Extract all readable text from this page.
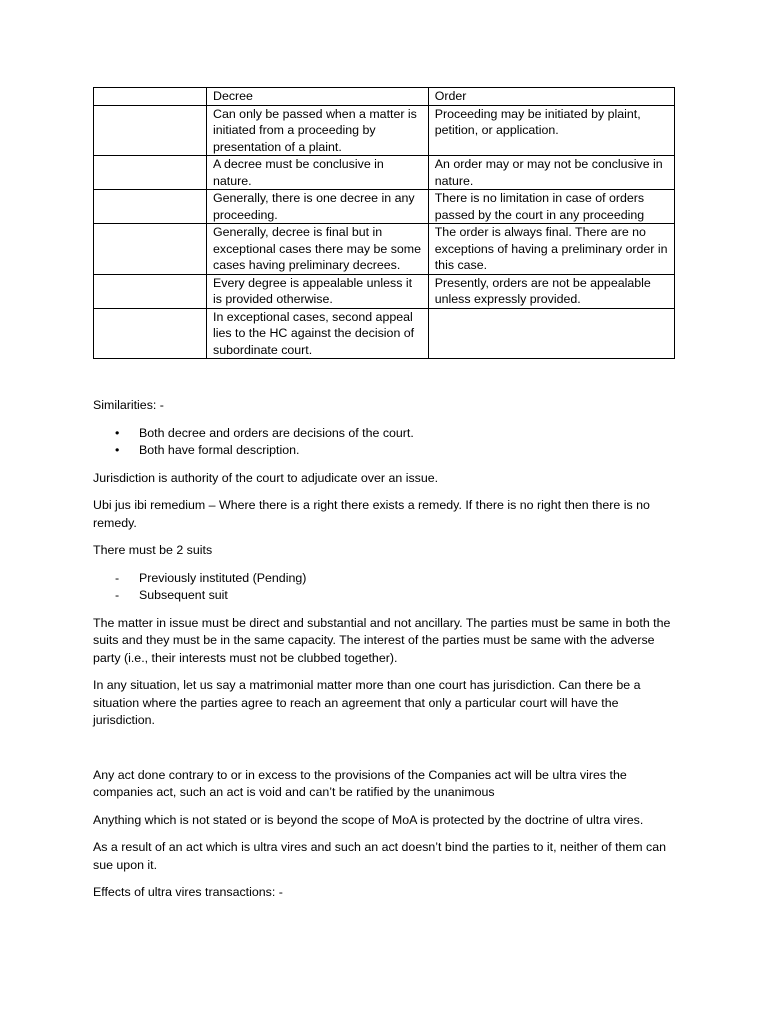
	Decree	Order
	Can only be passed when a matter is initiated from a proceeding by presentation of a plaint.	Proceeding may be initiated by plaint, petition, or application.
	A decree must be conclusive in nature.	An order may or may not be conclusive in nature.
	Generally, there is one decree in any proceeding.	There is no limitation in case of orders passed by the court in any proceeding
	Generally, decree is final but in exceptional cases there may be some cases having preliminary decrees.	The order is always final. There are no exceptions of having a preliminary order in this case.
	Every degree is appealable unless it is provided otherwise.	Presently, orders are not be appealable unless expressly provided.
	In exceptional cases, second appeal lies to the HC against the decision of subordinate court.	

Similarities: -

• Both decree and orders are decisions of the court.
• Both have formal description.

Jurisdiction is authority of the court to adjudicate over an issue.

Ubi jus ibi remedium – Where there is a right there exists a remedy. If there is no right then there is no remedy.

There must be 2 suits

- Previously instituted (Pending)
- Subsequent suit

The matter in issue must be direct and substantial and not ancillary. The parties must be same in both the suits and they must be in the same capacity. The interest of the parties must be same with the adverse party (i.e., their interests must not be clubbed together).

In any situation, let us say a matrimonial matter more than one court has jurisdiction. Can there be a situation where the parties agree to reach an agreement that only a particular court will have the jurisdiction.

Any act done contrary to or in excess to the provisions of the Companies act will be ultra vires the companies act, such an act is void and can’t be ratified by the unanimous

Anything which is not stated or is beyond the scope of MoA is protected by the doctrine of ultra vires.

As a result of an act which is ultra vires and such an act doesn’t bind the parties to it, neither of them can sue upon it.

Effects of ultra vires transactions: -
